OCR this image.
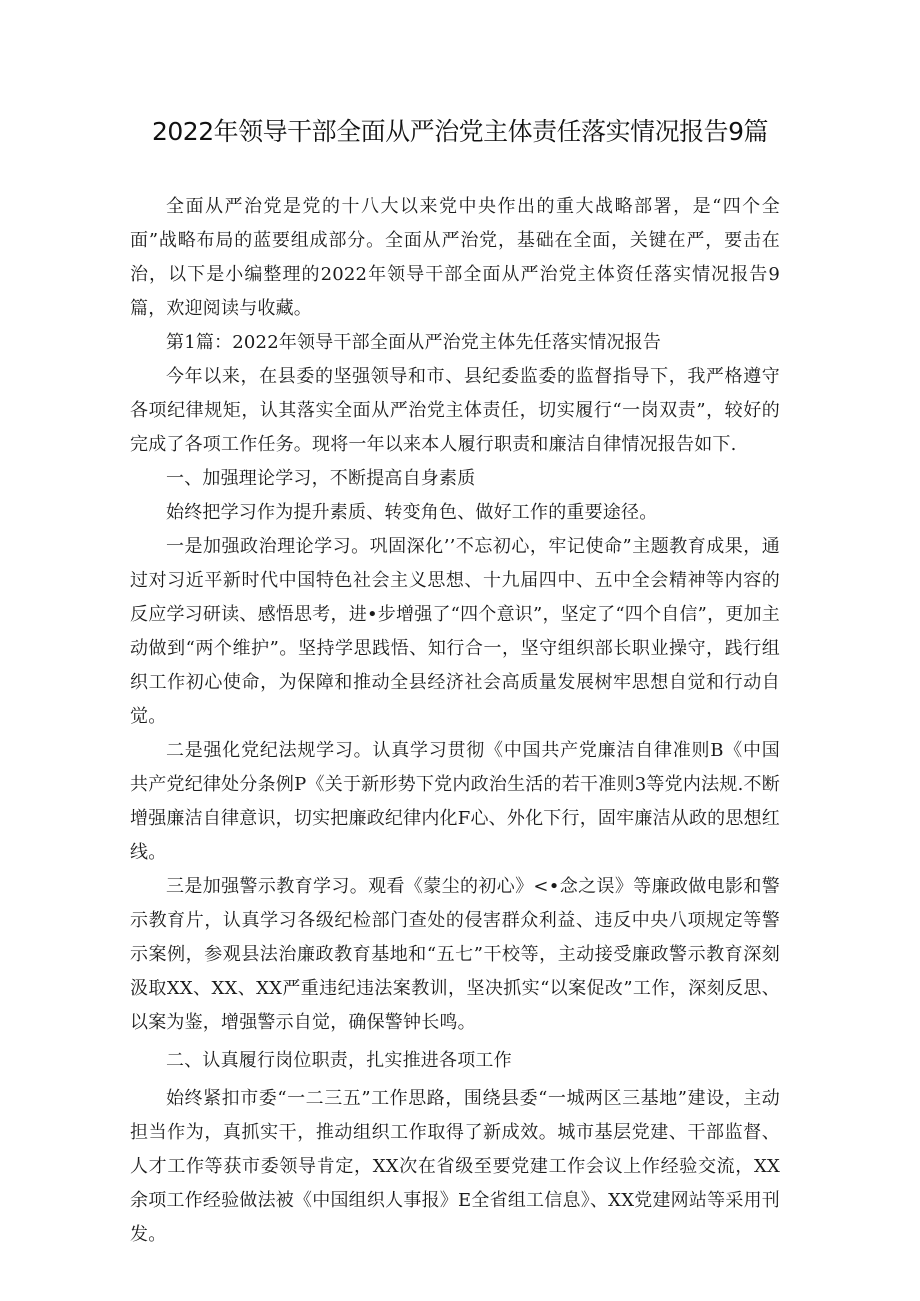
2022年领导干部全面从严治党主体责任落实情况报告9篇

全面从严治党是党的十八大以来党中央作出的重大战略部署，是“四个全面”战略布局的蓝要组成部分。全面从严治党，基础在全面，关键在严，要击在治，以下是小编整理的2022年领导干部全面从严治党主体资任落实情况报告9篇，欢迎阅读与收藏。

第1篇：2022年领导干部全面从严治党主体先任落实情况报告

今年以来，在县委的坚强领导和市、县纪委监委的监督指导下，我严格遵守各项纪律规矩，认其落实全面从严治党主体责任，切实履行“一岗双责”，较好的完成了各项工作任务。现将一年以来本人履行职责和廉洁自律情况报告如下.

一、加强理论学习，不断提高自身素质

始终把学习作为提升素质、转变角色、做好工作的重要途径。

一是加强政治理论学习。巩固深化’’不忘初心，牢记使命”主题教育成果，通过对习近平新时代中国特色社会主义思想、十九届四中、五中全会精神等内容的反应学习研读、感悟思考，进•步增强了“四个意识”，坚定了“四个自信”，更加主动做到“两个维护”。坚持学思践悟、知行合一，坚守组织部长职业操守，践行组织工作初心使命，为保障和推动全县经济社会高质量发展树牢思想自觉和行动自觉。

二是强化党纪法规学习。认真学习贯彻《中国共产党廉洁自律准则B《中国共产党纪律处分条例P《关于新形势下党内政治生活的若干准则3等党内法规.不断增强廉洁自律意识，切实把廉政纪律内化F心、外化下行，固牢廉洁从政的思想红线。

三是加强警示教育学习。观看《蒙尘的初心》<•念之误》等廉政做电影和警示教育片，认真学习各级纪检部门查处的侵害群众利益、违反中央八项规定等警示案例，参观县法治廉政教育基地和“五七”干校等，主动接受廉政警示教育深刻汲取XX、XX、XX严重违纪违法案教训，坚决抓实“以案促改”工作，深刻反思、以案为鉴，增强警示自觉，确保警钟长鸣。

二、认真履行岗位职责，扎实推进各项工作

始终紧扣市委“一二三五”工作思路，围绕县委“一城两区三基地”建设，主动担当作为，真抓实干，推动组织工作取得了新成效。城市基层党建、干部监督、人才工作等获市委领导肯定，XX次在省级至要党建工作会议上作经验交流，XX余项工作经验做法被《中国组织人事报》E全省组工信息》、XX党建网站等采用刊发。
